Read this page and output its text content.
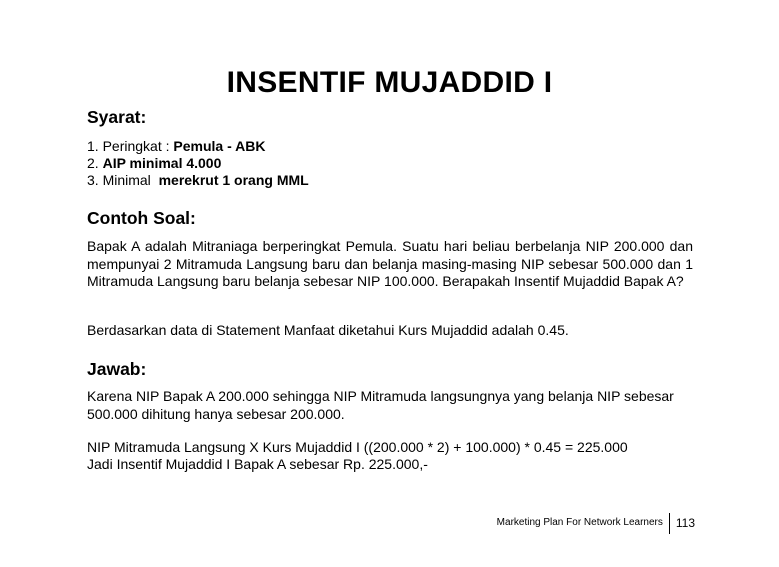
INSENTIF MUJADDID I
Syarat:
1. Peringkat : Pemula - ABK
2. AIP minimal 4.000
3. Minimal  merekrut 1 orang MML
Contoh Soal:
Bapak A adalah Mitraniaga berperingkat Pemula. Suatu hari beliau berbelanja NIP 200.000 dan mempunyai 2 Mitramuda Langsung baru dan belanja masing-masing NIP sebesar 500.000 dan 1 Mitramuda Langsung baru belanja sebesar NIP 100.000. Berapakah Insentif Mujaddid Bapak A?
Berdasarkan data di Statement Manfaat diketahui Kurs Mujaddid adalah 0.45.
Jawab:
Karena NIP Bapak A 200.000 sehingga NIP Mitramuda langsungnya yang belanja NIP sebesar 500.000 dihitung hanya sebesar 200.000.
NIP Mitramuda Langsung X Kurs Mujaddid I ((200.000 * 2) + 100.000) * 0.45 = 225.000
Jadi Insentif Mujaddid I Bapak A sebesar Rp. 225.000,-
Marketing Plan For Network Learners	113
